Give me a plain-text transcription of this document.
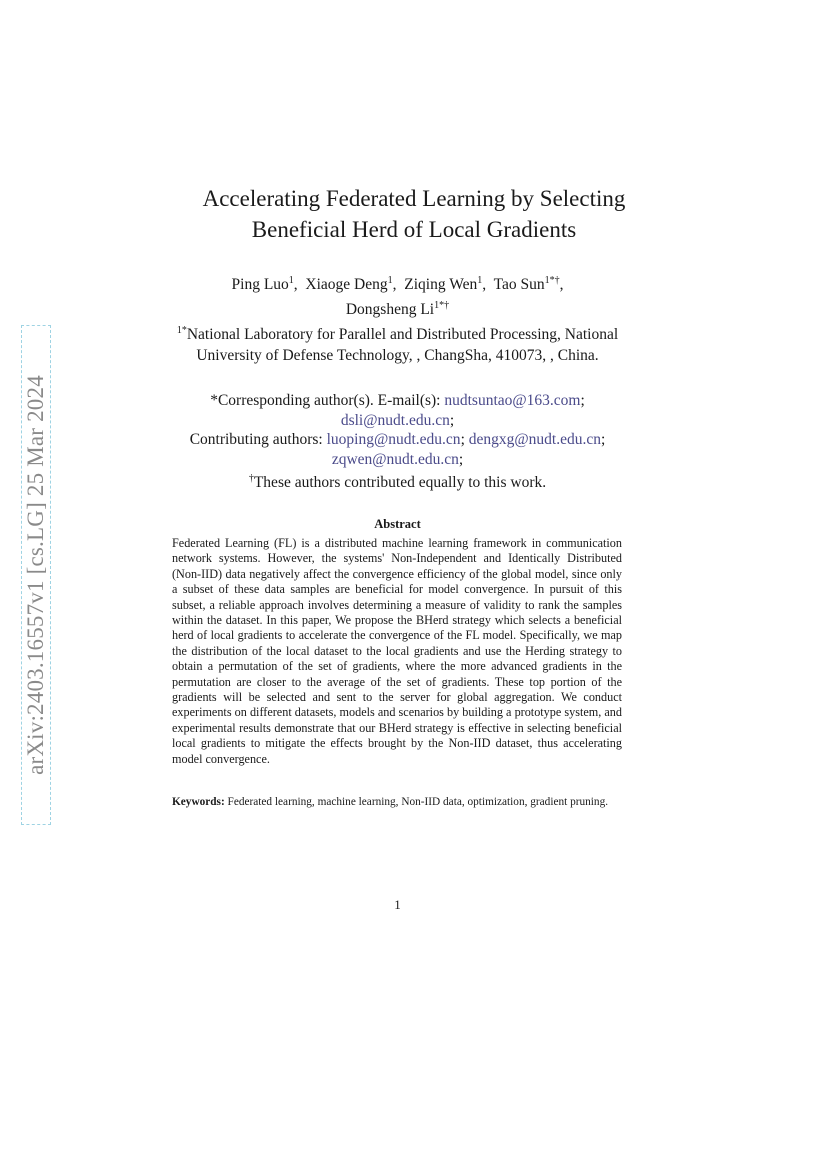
arXiv:2403.16557v1 [cs.LG] 25 Mar 2024
Accelerating Federated Learning by Selecting
Beneficial Herd of Local Gradients
Ping Luo$^1$,  Xiaoge Deng$^1$,  Ziqing Wen$^1$,  Tao Sun$^{1*\dagger}$,
Dongsheng $Li^{1*\dagger}$
$^{1*}$National Laboratory for Parallel and Distributed Processing, National
University of Defense Technology, , ChangSha, 410073, , China.
*Corresponding author(s). E-mail(s): nudtsuntao@163.com;
dsli@nudt.edu.cn;
Contributing authors: luoping@nudt.edu.cn; dengxg@nudt.edu.cn;
zqwen@nudt.edu.cn;
†These authors contributed equally to this work.
Abstract
Federated Learning (FL) is a distributed machine learning framework in communication network systems. However, the systems' Non-Independent and Identically Distributed (Non-IID) data negatively affect the convergence efficiency of the global model, since only a subset of these data samples are beneficial for model convergence. In pursuit of this subset, a reliable approach involves determining a measure of validity to rank the samples within the dataset. In this paper, We propose the BHerd strategy which selects a beneficial herd of local gradients to accelerate the convergence of the FL model. Specifically, we map the distribution of the local dataset to the local gradients and use the Herding strategy to obtain a permutation of the set of gradients, where the more advanced gradients in the permutation are closer to the average of the set of gradients. These top portion of the gradients will be selected and sent to the server for global aggregation. We conduct experiments on different datasets, models and scenarios by building a prototype system, and experimental results demonstrate that our BHerd strategy is effective in selecting beneficial local gradients to mitigate the effects brought by the Non-IID dataset, thus accelerating model convergence.
Keywords: Federated learning, machine learning, Non-IID data, optimization, gradient pruning.
1
